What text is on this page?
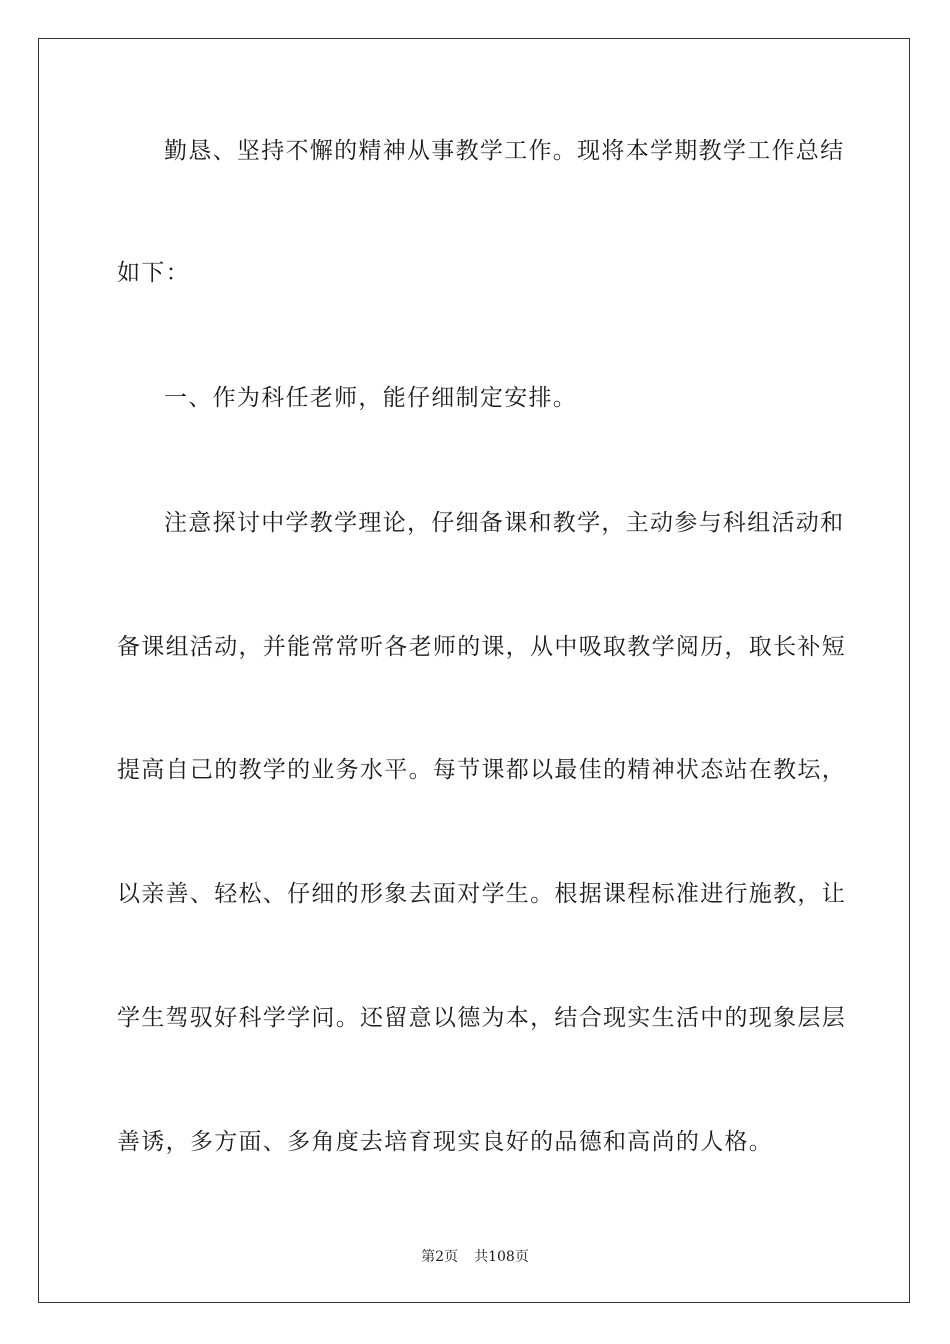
勤恳、坚持不懈的精神从事教学工作。现将本学期教学工作总结
如下：
一、作为科任老师，能仔细制定安排。
注意探讨中学教学理论，仔细备课和教学，主动参与科组活动和
备课组活动，并能常常听各老师的课，从中吸取教学阅历，取长补短
提高自己的教学的业务水平。每节课都以最佳的精神状态站在教坛，
以亲善、轻松、仔细的形象去面对学生。根据课程标准进行施教，让
学生驾驭好科学学问。还留意以德为本，结合现实生活中的现象层层
善诱，多方面、多角度去培育现实良好的品德和高尚的人格。
第2页 共108页
